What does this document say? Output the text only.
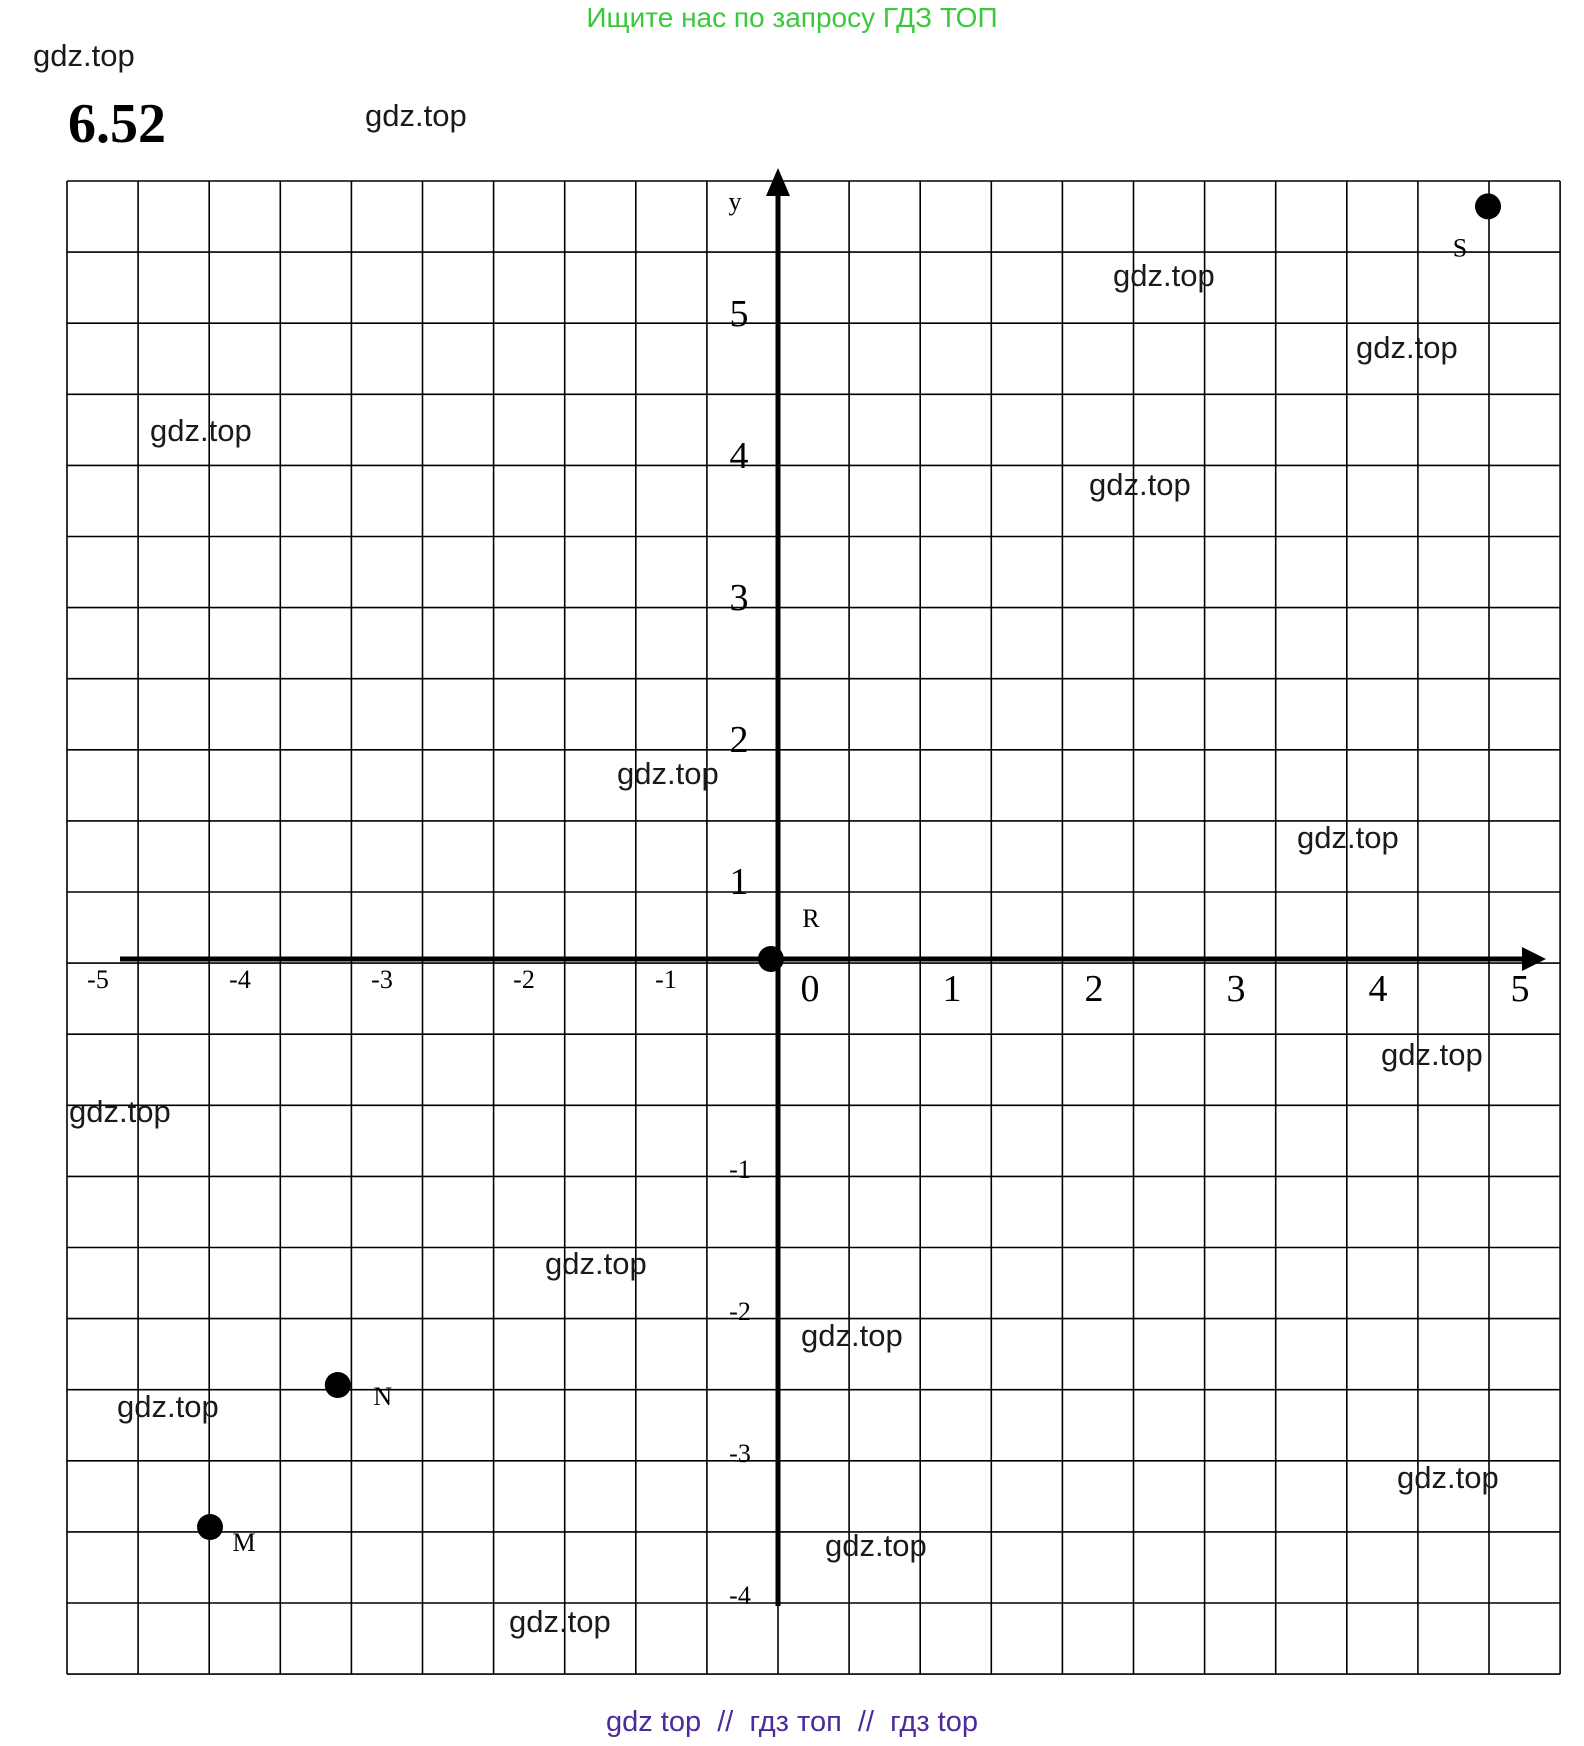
Ищите нас по запросу ГДЗ ТОП
6.52
y
-5	-4	-3	-2	-1	0	1	2	3	4	5
5
4
3
2
1
-1
-2
-3
-4
S
R
N
M
gdz.top
gdz.top
gdz.top
gdz.top
gdz.top
gdz.top
gdz.top
gdz.top
gdz.top
gdz.top
gdz.top
gdz.top
gdz.top
gdz.top
gdz.top
gdz.top
gdz top  //  гдз топ  //  гдз top
